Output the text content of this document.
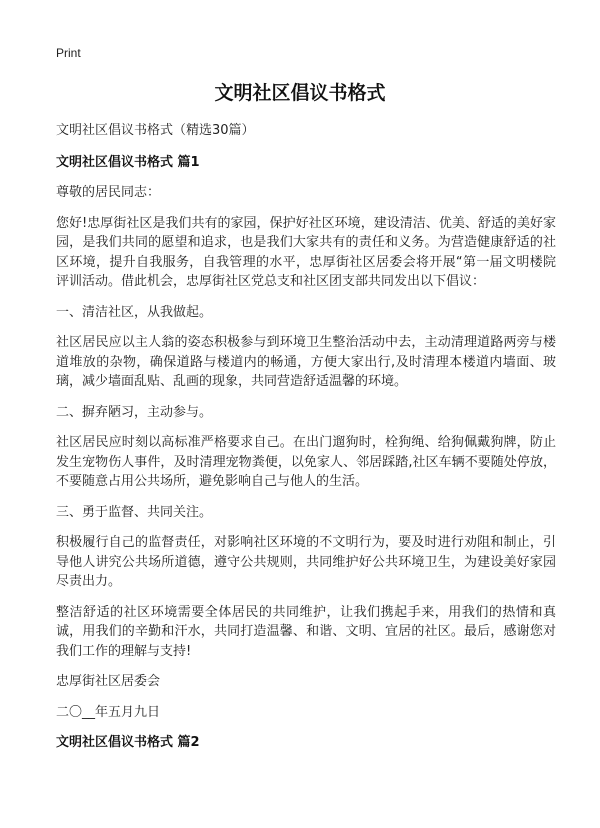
Print
文明社区倡议书格式

文明社区倡议书格式（精选30篇）

文明社区倡议书格式 篇1

尊敬的居民同志：

您好!忠厚街社区是我们共有的家园，保护好社区环境，建设清洁、优美、舒适的美好家园，是我们共同的愿望和追求，也是我们大家共有的责任和义务。为营造健康舒适的社区环境，提升自我服务，自我管理的水平，忠厚街社区居委会将开展“第一届文明楼院评训活动。借此机会，忠厚街社区党总支和社区团支部共同发出以下倡议：

一、清洁社区，从我做起。

社区居民应以主人翁的姿态积极参与到环境卫生整治活动中去，主动清理道路两旁与楼道堆放的杂物，确保道路与楼道内的畅通，方便大家出行,及时清理本楼道内墙面、玻璃，减少墙面乱贴、乱画的现象，共同营造舒适温馨的环境。

二、摒弃陋习，主动参与。

社区居民应时刻以高标准严格要求自己。在出门遛狗时，栓狗绳、给狗佩戴狗牌，防止发生宠物伤人事件，及时清理宠物粪便，以免家人、邻居踩踏,社区车辆不要随处停放，不要随意占用公共场所，避免影响自己与他人的生活。

三、勇于监督、共同关注。

积极履行自己的监督责任，对影响社区环境的不文明行为，要及时进行劝阻和制止，引导他人讲究公共场所道德，遵守公共规则，共同维护好公共环境卫生，为建设美好家园尽责出力。

整洁舒适的社区环境需要全体居民的共同维护，让我们携起手来，用我们的热情和真诚，用我们的辛勤和汗水，共同打造温馨、和谐、文明、宜居的社区。最后，感谢您对我们工作的理解与支持!

忠厚街社区居委会

二〇__年五月九日

文明社区倡议书格式 篇2
